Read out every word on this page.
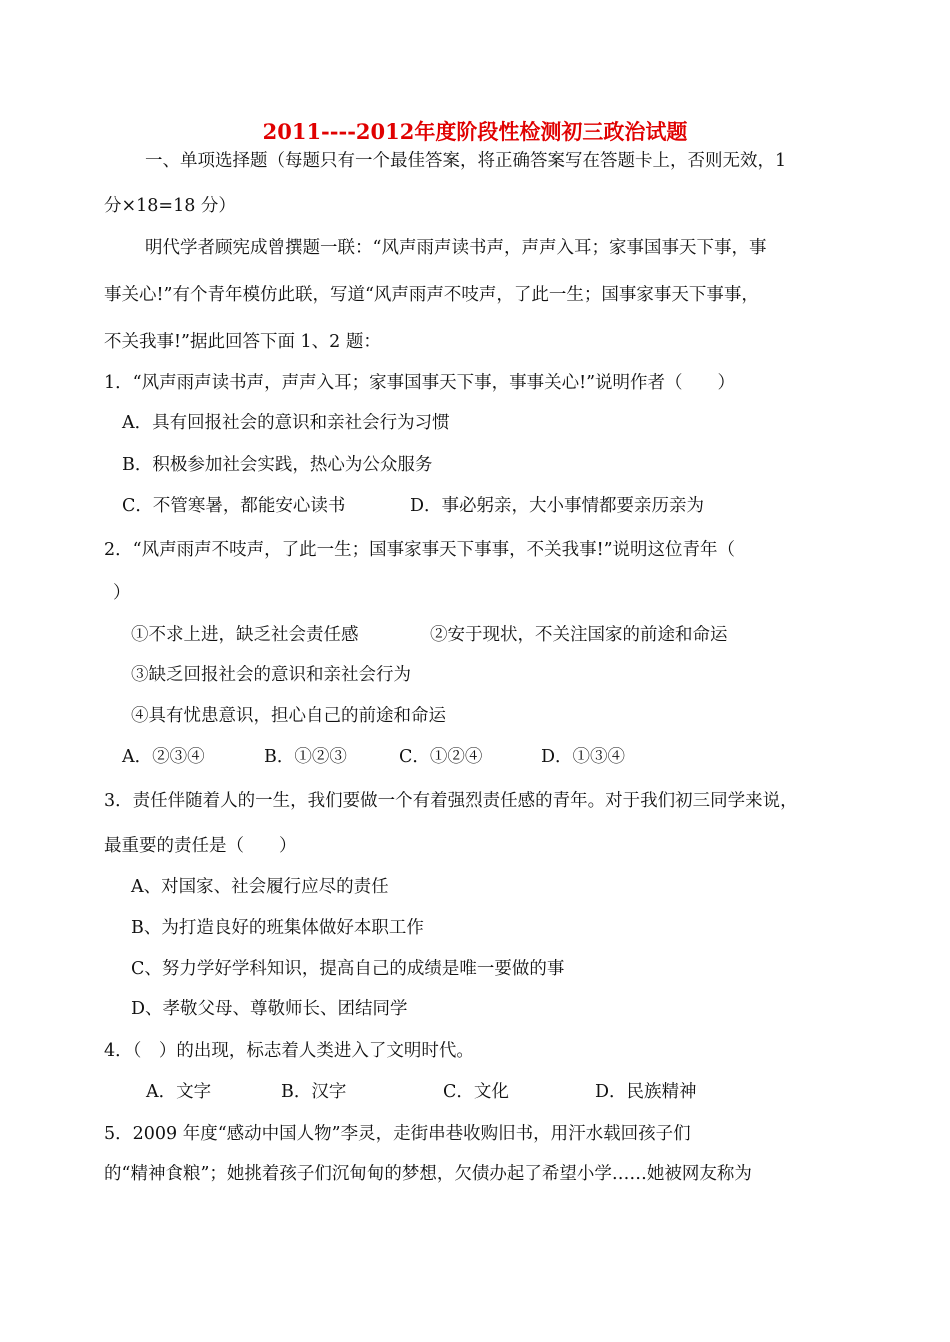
2011----2012年度阶段性检测初三政治试题
一、单项选择题（每题只有一个最佳答案，将正确答案写在答题卡上，否则无效，1
分×18=18 分）
明代学者顾宪成曾撰题一联：“风声雨声读书声，声声入耳；家事国事天下事，事
事关心!”有个青年模仿此联，写道“风声雨声不吱声，了此一生；国事家事天下事事，
不关我事!”据此回答下面 1、2 题：
1．“风声雨声读书声，声声入耳；家事国事天下事，事事关心!”说明作者（　　）
A．具有回报社会的意识和亲社会行为习惯
B．积极参加社会实践，热心为公众服务
C．不管寒暑，都能安心读书	D．事必躬亲，大小事情都要亲历亲为
2．“风声雨声不吱声，了此一生；国事家事天下事事，不关我事!”说明这位青年（
）
①不求上进，缺乏社会责任感	②安于现状，不关注国家的前途和命运
③缺乏回报社会的意识和亲社会行为
④具有忧患意识，担心自己的前途和命运
A．②③④	B．①②③	C．①②④	D．①③④
3．责任伴随着人的一生，我们要做一个有着强烈责任感的青年。对于我们初三同学来说，
最重要的责任是（　　）
A、对国家、社会履行应尽的责任
B、为打造良好的班集体做好本职工作
C、努力学好学科知识，提高自己的成绩是唯一要做的事
D、孝敬父母、尊敬师长、团结同学
4．（　）的出现，标志着人类进入了文明时代。
A．文字	B．汉字	C．文化	D．民族精神
5．2009 年度“感动中国人物”李灵，走街串巷收购旧书，用汗水载回孩子们
的“精神食粮”；她挑着孩子们沉甸甸的梦想，欠债办起了希望小学……她被网友称为
